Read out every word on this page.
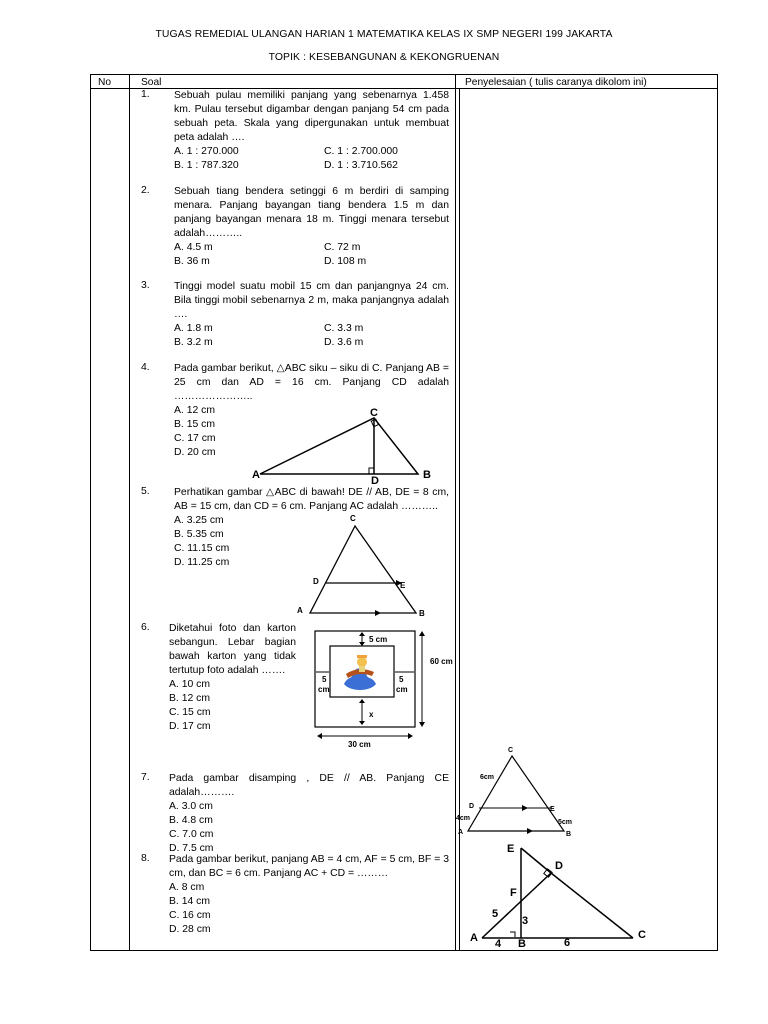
TUGAS REMEDIAL ULANGAN HARIAN 1 MATEMATIKA KELAS IX SMP NEGERI 199 JAKARTA
TOPIK : KESEBANGUNAN & KEKONGRUENAN
No	Soal	Penyelesaian ( tulis caranya dikolom ini)
1. Sebuah pulau memiliki panjang yang sebenarnya 1.458 km. Pulau tersebut digambar dengan panjang 54 cm pada sebuah peta. Skala yang dipergunakan untuk membuat peta adalah ….
A. 1 : 270.000	C. 1 : 2.700.000
B. 1 : 787.320	D. 1 : 3.710.562
2. Sebuah tiang bendera setinggi 6 m berdiri di samping menara. Panjang bayangan tiang bendera 1.5 m dan panjang bayangan menara 18 m. Tinggi menara tersebut adalah………..
A. 4.5 m	C. 72 m
B. 36 m	D. 108 m
3. Tinggi model suatu mobil 15 cm dan panjangnya 24 cm. Bila tinggi mobil sebenarnya 2 m, maka panjangnya adalah ….
A. 1.8 m	C. 3.3 m
B. 3.2 m	D. 3.6 m
4. Pada gambar berikut, △ABC siku – siku di C. Panjang AB = 25 cm dan AD = 16 cm. Panjang CD adalah …………………..
A. 12 cm
B. 15 cm
C. 17 cm
D. 20 cm
C
A	B
D
5. Perhatikan gambar △ABC di bawah! DE // AB, DE = 8 cm, AB = 15 cm, dan CD = 6 cm. Panjang AC adalah ………..
A. 3.25 cm
B. 5.35 cm
C. 11.15 cm
D. 11.25 cm
C
D	E
A	B
6. Diketahui foto dan karton sebangun. Lebar bagian bawah karton yang tidak tertutup foto adalah …….
A. 10 cm
B. 12 cm
C. 15 cm
D. 17 cm
5 cm
60 cm
5
cm
5
cm
x
30 cm
7. Pada gambar disamping , DE // AB. Panjang CE adalah……….
A. 3.0 cm
B. 4.8 cm
C. 7.0 cm
D. 7.5 cm
C
6cm
D	E
4cm
5cm
A	B
8. Pada gambar berikut, panjang AB = 4 cm, AF = 5 cm, BF = 3 cm, dan BC = 6 cm. Panjang AC + CD = ………
A. 8 cm
B. 14 cm
C. 16 cm
D. 28 cm
E
D
F
5
3
A 4 B	6
C
